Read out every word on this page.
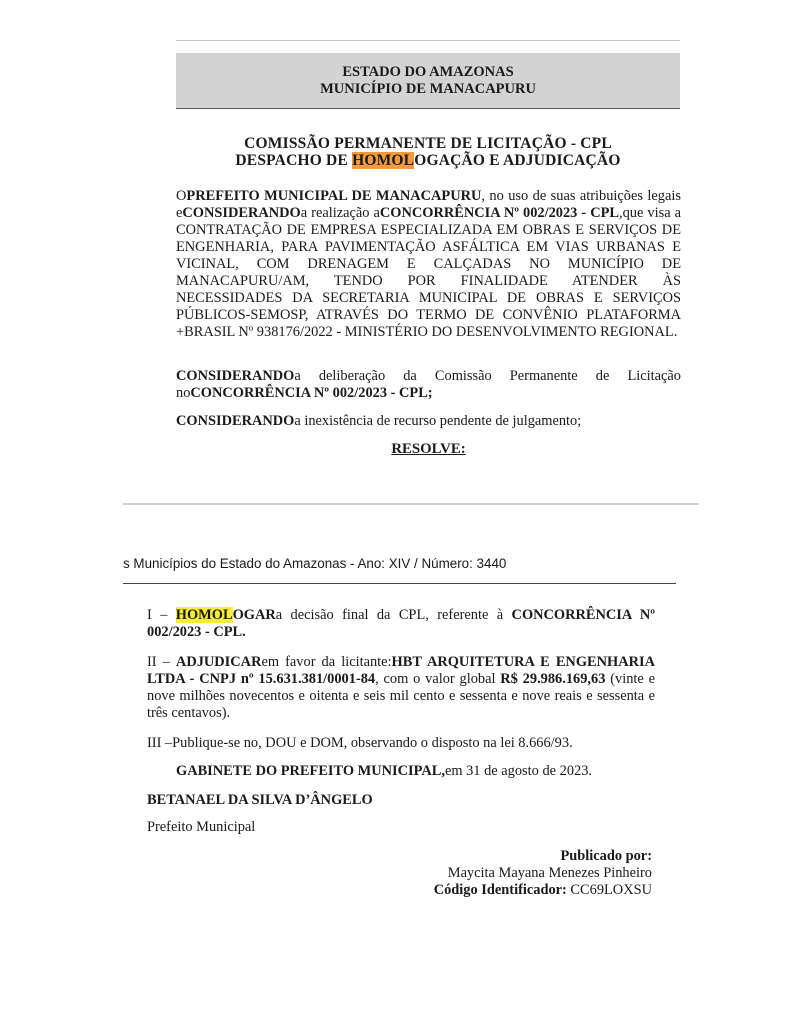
ESTADO DO AMAZONAS
MUNICÍPIO DE MANACAPURU
COMISSÃO PERMANENTE DE LICITAÇÃO - CPL
DESPACHO DE HOMOLOGAÇÃO E ADJUDICAÇÃO
OPREFEITO MUNICIPAL DE MANACAPURU, no uso de suas atribuições legais eCONSIDERANDOa realização aCONCORRÊNCIA Nº 002/2023 - CPL,que visa a CONTRATAÇÃO DE EMPRESA ESPECIALIZADA EM OBRAS E SERVIÇOS DE ENGENHARIA, PARA PAVIMENTAÇÃO ASFÁLTICA EM VIAS URBANAS E VICINAL, COM DRENAGEM E CALÇADAS NO MUNICÍPIO DE MANACAPURU/AM, TENDO POR FINALIDADE ATENDER ÀS NECESSIDADES DA SECRETARIA MUNICIPAL DE OBRAS E SERVIÇOS PÚBLICOS-SEMOSP, ATRAVÉS DO TERMO DE CONVÊNIO PLATAFORMA +BRASIL Nº 938176/2022 - MINISTÉRIO DO DESENVOLVIMENTO REGIONAL.
CONSIDERANDOa deliberação da Comissão Permanente de Licitação noCONCORRÊNCIA Nº 002/2023 - CPL;
CONSIDERANDOa inexistência de recurso pendente de julgamento;
RESOLVE:
s Municípios do Estado do Amazonas - Ano: XIV / Número: 3440
I – HOMOLOGARa decisão final da CPL, referente à CONCORRÊNCIA Nº 002/2023 - CPL.
II – ADJUDICARem favor da licitante:HBT ARQUITETURA E ENGENHARIA LTDA - CNPJ nº 15.631.381/0001-84, com o valor global R$ 29.986.169,63 (vinte e nove milhões novecentos e oitenta e seis mil cento e sessenta e nove reais e sessenta e três centavos).
III –Publique-se no, DOU e DOM, observando o disposto na lei 8.666/93.
GABINETE DO PREFEITO MUNICIPAL,em 31 de agosto de 2023.
BETANAEL DA SILVA D’ÂNGELO
Prefeito Municipal
Publicado por:
Maycita Mayana Menezes Pinheiro
Código Identificador: CC69LOXSU
